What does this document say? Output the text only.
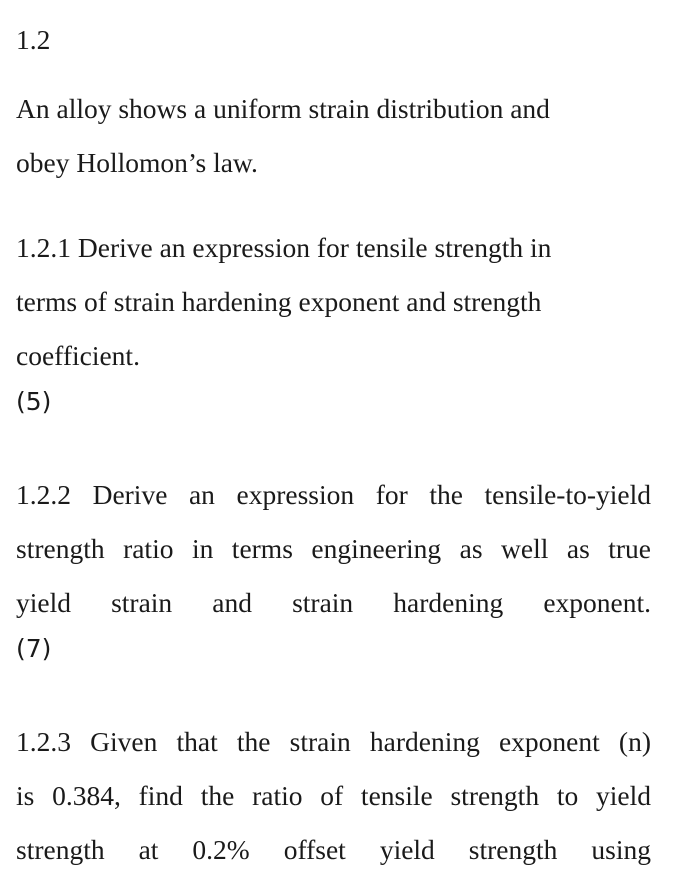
1.2
An alloy shows a uniform strain distribution and
obey Hollomon’s law.
1.2.1 Derive an expression for tensile strength in
terms of strain hardening exponent and strength
coefficient.
(5)
1.2.2 Derive an expression for the tensile-to-yield
strength ratio in terms engineering as well as true
yield strain and strain hardening exponent.
(7)
1.2.3 Given that the strain hardening exponent (n)
is 0.384, find the ratio of tensile strength to yield
strength at 0.2% offset yield strength using
